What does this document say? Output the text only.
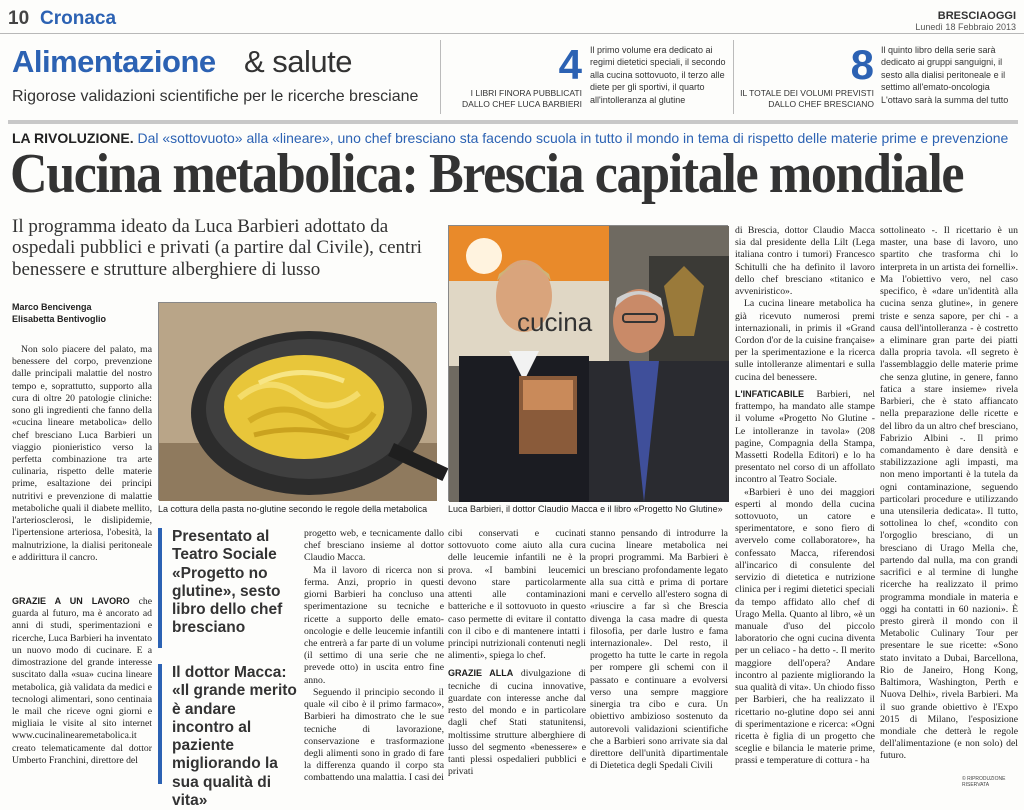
10 Cronaca	BRESCIAOGGI
Lunedì 18 Febbraio 2013
Alimentazione & salute
Rigorose validazioni scientifiche per le ricerche bresciane
4
I LIBRI FINORA PUBBLICATI DALLO CHEF LUCA BARBIERI
Il primo volume era dedicato ai regimi dietetici speciali, il secondo alla cucina sottovuoto, il terzo alle diete per gli sportivi, il quarto all'intolleranza al glutine
8
IL TOTALE DEI VOLUMI PREVISTI DALLO CHEF BRESCIANO
Il quinto libro della serie sarà dedicato ai gruppi sanguigni, il sesto alla dialisi peritoneale e il settimo all'emato-oncologia L'ottavo sarà la summa del tutto
LA RIVOLUZIONE. Dal «sottovuoto» alla «lineare», uno chef bresciano sta facendo scuola in tutto il mondo in tema di rispetto delle materie prime e prevenzione
Cucina metabolica: Brescia capitale mondiale
Il programma ideato da Luca Barbieri adottato da ospedali pubblici e privati (a partire dal Civile), centri benessere e strutture alberghiere di lusso
La cottura della pasta no-glutine secondo le regole della metabolica
cucina
Luca Barbieri, il dottor Claudio Macca e il libro «Progetto No Glutine»
Marco Bencivenga
Elisabetta Bentivoglio

Non solo piacere del palato, ma benessere del corpo, prevenzione dalle principali malattie del nostro tempo e, soprattutto, supporto alla cura di oltre 20 patologie cliniche: sono gli ingredienti che fanno della «cucina lineare metabolica» dello chef bresciano Luca Barbieri un viaggio pionieristico verso la perfetta combinazione tra arte culinaria, rispetto delle materie prime, esaltazione dei principi nutritivi e prevenzione di malattie metaboliche quali il diabete mellito, l'arteriosclerosi, le dislipidemie, l'ipertensione arteriosa, l'obesità, la malnutrizione, la dialisi peritoneale e addirittura il cancro.

GRAZIE A UN LAVORO che guarda al futuro, ma è ancorato ad anni di studi, sperimentazioni e ricerche, Luca Barbieri ha inventato un nuovo modo di cucinare. E a dimostrazione del grande interesse suscitato dalla «sua» cucina lineare metabolica, già validata da medici e tecnologi alimentari, sono centinaia le mail che riceve ogni giorni e migliaia le visite al sito internet www.cucinalinearemetabolica.it creato telematicamente dal dottor Umberto Franchini, direttore del

Presentato al Teatro Sociale «Progetto no glutine», sesto libro dello chef bresciano
Il dottor Macca: «Il grande merito è andare incontro al paziente migliorando la sua qualità di vita»

progetto web, e tecnicamente dallo chef bresciano insieme al dottor Claudio Macca.

Ma il lavoro di ricerca non si ferma. Anzi, proprio in questi giorni Barbieri ha concluso una sperimentazione su tecniche e ricette a supporto delle emato-oncologie e delle leucemie infantili che entrerà a far parte di un volume (il settimo di una serie che ne prevede otto) in uscita entro fine anno.

Seguendo il principio secondo il quale «il cibo è il primo farmaco», Barbieri ha dimostrato che le sue tecniche di lavorazione, conservazione e trasformazione degli alimenti sono in grado di fare la differenza quando il corpo sta combattendo una malattia. I casi dei

cibi conservati e cucinati sottovuoto come aiuto alla cura delle leucemie infantili ne è la prova. «I bambini leucemici devono stare particolarmente attenti alle contaminazioni batteriche e il sottovuoto in questo caso permette di evitare il contatto con il cibo e di mantenere intatti i principi nutrizionali contenuti negli alimenti», spiega lo chef.

GRAZIE ALLA divulgazione di tecniche di cucina innovative, guardate con interesse anche dal resto del mondo e in particolare dagli chef Stati statunitensi, moltissime strutture alberghiere di lusso del segmento «benessere» e tanti plessi ospedalieri pubblici e privati

stanno pensando di introdurre la cucina lineare metabolica nei propri programmi. Ma Barbieri è un bresciano profondamente legato alla sua città e prima di portare mani e cervello all'estero sogna di «riuscire a far sì che Brescia divenga la casa madre di questa filosofia, per darle lustro e fama internazionale». Del resto, il progetto ha tutte le carte in regola per rompere gli schemi con il passato e continuare a evolversi verso una sempre maggiore sinergia tra cibo e cura. Un obiettivo ambizioso sostenuto da autorevoli validazioni scientifiche che a Barbieri sono arrivate sia dal direttore dell'unità dipartimentale di Dietetica degli Spedali Civili

di Brescia, dottor Claudio Macca sia dal presidente della Lilt (Lega italiana contro i tumori) Francesco Schitulli che ha definito il lavoro dello chef bresciano «titanico e avveniristico».

La cucina lineare metabolica ha già ricevuto numerosi premi internazionali, in primis il «Grand Cordon d'or de la cuisine française» per la sperimentazione e la ricerca sulle intolleranze alimentari e sulla cucina del benessere.

L'INFATICABILE Barbieri, nel frattempo, ha mandato alle stampe il volume «Progetto No Glutine - Le intolleranze in tavola» (208 pagine, Compagnia della Stampa, Massetti Rodella Editori) e lo ha presentato nel corso di un affollato incontro al Teatro Sociale.

«Barbieri è uno dei maggiori esperti al mondo della cucina sottovuoto, un catore e sperimentatore, e sono fiero di avervelo come collaboratore», ha confessato Macca, riferendosi all'incarico di consulente del servizio di dietetica e nutrizione clinica per i regimi dietetici speciali da tempo affidato allo chef di Urago Mella. Quanto al libro, «è un manuale d'uso del piccolo laboratorio che ogni cucina diventa per un celiaco - ha detto -. Il merito maggiore dell'opera? Andare incontro al paziente migliorando la sua qualità di vita». Un chiodo fisso per Barbieri, che ha realizzato il ricettario no-glutine dopo sei anni di sperimentazione e ricerca: «Ogni ricetta è figlia di un progetto che sceglie e bilancia le materie prime, prassi e temperature di cottura - ha

sottolineato -. Il ricettario è un master, una base di lavoro, uno spartito che trasforma chi lo interpreta in un artista dei fornelli». Ma l'obiettivo vero, nel caso specifico, è «dare un'identità alla cucina senza glutine», in genere triste e senza sapore, per chi - a causa dell'intolleranza - è costretto a eliminare gran parte dei piatti dalla propria tavola. «Il segreto è l'assemblaggio delle materie prime che senza glutine, in genere, fanno fatica a stare insieme» rivela Barbieri, che è stato affiancato nella preparazione delle ricette e del libro da un altro chef bresciano, Fabrizio Albini -. Il primo comandamento è dare densità e stabilizzazione agli impasti, ma non meno importanti è la tutela da ogni contaminazione, seguendo particolari procedure e utilizzando una utensileria dedicata». Il tutto, sottolinea lo chef, «condito con l'orgoglio bresciano, di un bresciano di Urago Mella che, partendo dal nulla, ma con grandi sacrifici e al termine di lunghe ricerche ha realizzato il primo programma mondiale in materia e oggi ha contatti in 60 nazioni». È presto girerà il mondo con il Metabolic Culinary Tour per presentare le sue ricette: «Sono stato invitato a Dubai, Barcellona, Rio de Janeiro, Hong Kong, Baltimora, Washington, Perth e Nuova Delhi», rivela Barbieri. Ma il suo grande obiettivo è l'Expo 2015 di Milano, l'esposizione mondiale che detterà le regole dell'alimentazione (e non solo) del futuro.

© RIPRODUZIONE RISERVATA
